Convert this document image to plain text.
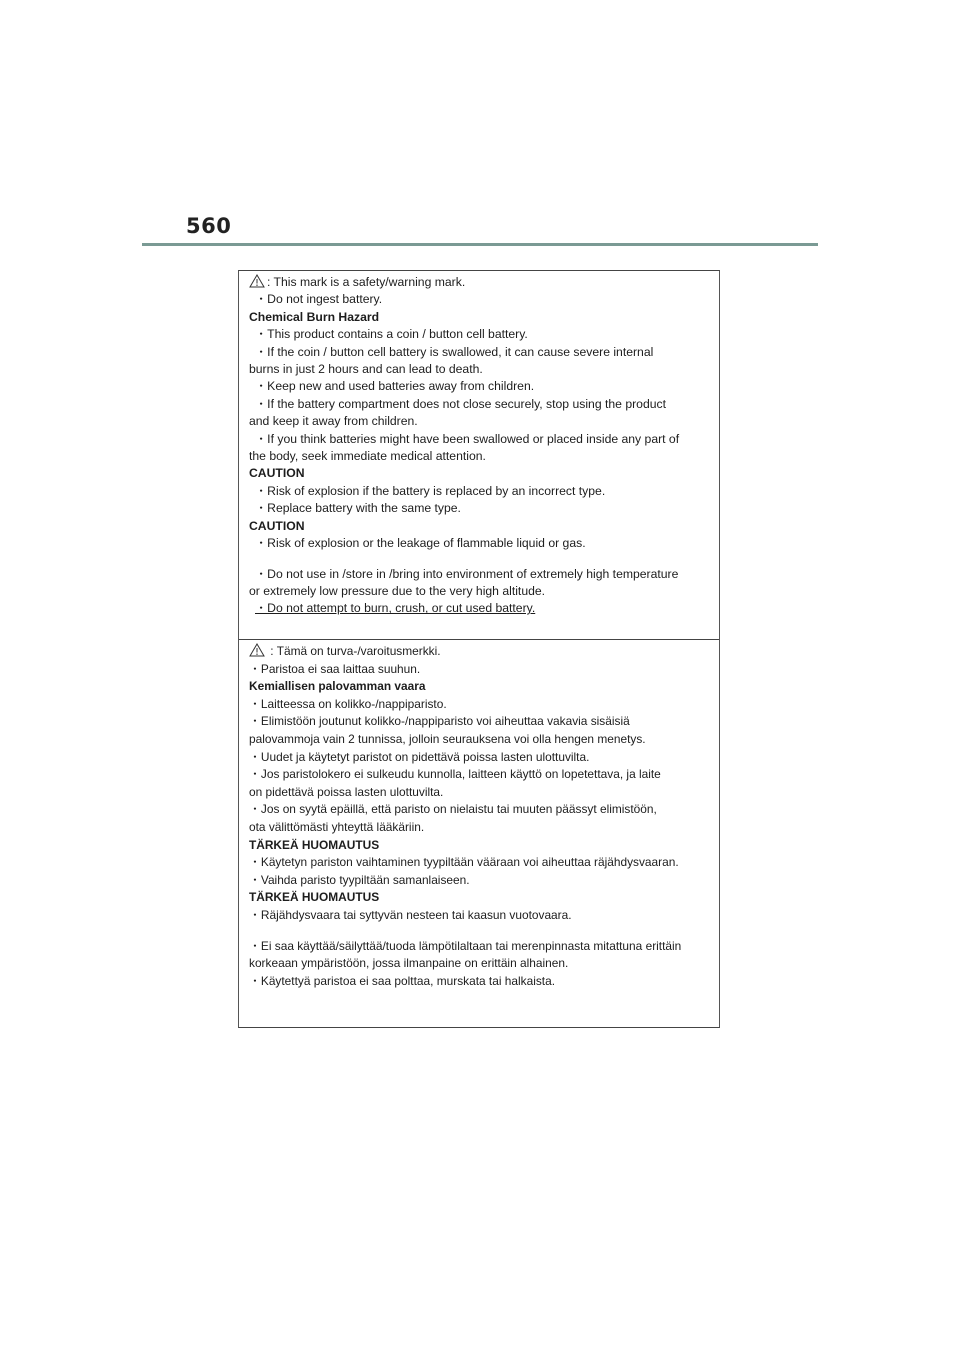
560
: This mark is a safety/warning mark.
・Do not ingest battery.
Chemical Burn Hazard
・This product contains a coin / button cell battery.
・If the coin / button cell battery is swallowed, it can cause severe internal
burns in just 2 hours and can lead to death.
・Keep new and used batteries away from children.
・If the battery compartment does not close securely, stop using the product
and keep it away from children.
・If you think batteries might have been swallowed or placed inside any part of
the body, seek immediate medical attention.
CAUTION
・Risk of explosion if the battery is replaced by an incorrect type.
・Replace battery with the same type.
CAUTION
・Risk of explosion or the leakage of flammable liquid or gas.
・Do not use in /store in /bring into environment of extremely high temperature
or extremely low pressure due to the very high altitude.
・Do not attempt to burn, crush, or cut used battery.
: Tämä on turva-/varoitusmerkki.
・Paristoa ei saa laittaa suuhun.
Kemiallisen palovamman vaara
・Laitteessa on kolikko-/nappiparisto.
・Elimistöön joutunut kolikko-/nappiparisto voi aiheuttaa vakavia sisäisiä
palovammoja vain 2 tunnissa, jolloin seurauksena voi olla hengen menetys.
・Uudet ja käytetyt paristot on pidettävä poissa lasten ulottuvilta.
・Jos paristolokero ei sulkeudu kunnolla, laitteen käyttö on lopetettava, ja laite
on pidettävä poissa lasten ulottuvilta.
・Jos on syytä epäillä, että paristo on nielaistu tai muuten päässyt elimistöön,
ota välittömästi yhteyttä lääkäriin.
TÄRKEÄ HUOMAUTUS
・Käytetyn pariston vaihtaminen tyypiltään vääraan voi aiheuttaa räjähdysvaaran.
・Vaihda paristo tyypiltään samanlaiseen.
TÄRKEÄ HUOMAUTUS
・Räjähdysvaara tai syttyvän nesteen tai kaasun vuotovaara.
・Ei saa käyttää/säilyttää/tuoda lämpötilaltaan tai merenpinnasta mitattuna erittäin
korkeaan ympäristöön, jossa ilmanpaine on erittäin alhainen.
・Käytettyä paristoa ei saa polttaa, murskata tai halkaista.
